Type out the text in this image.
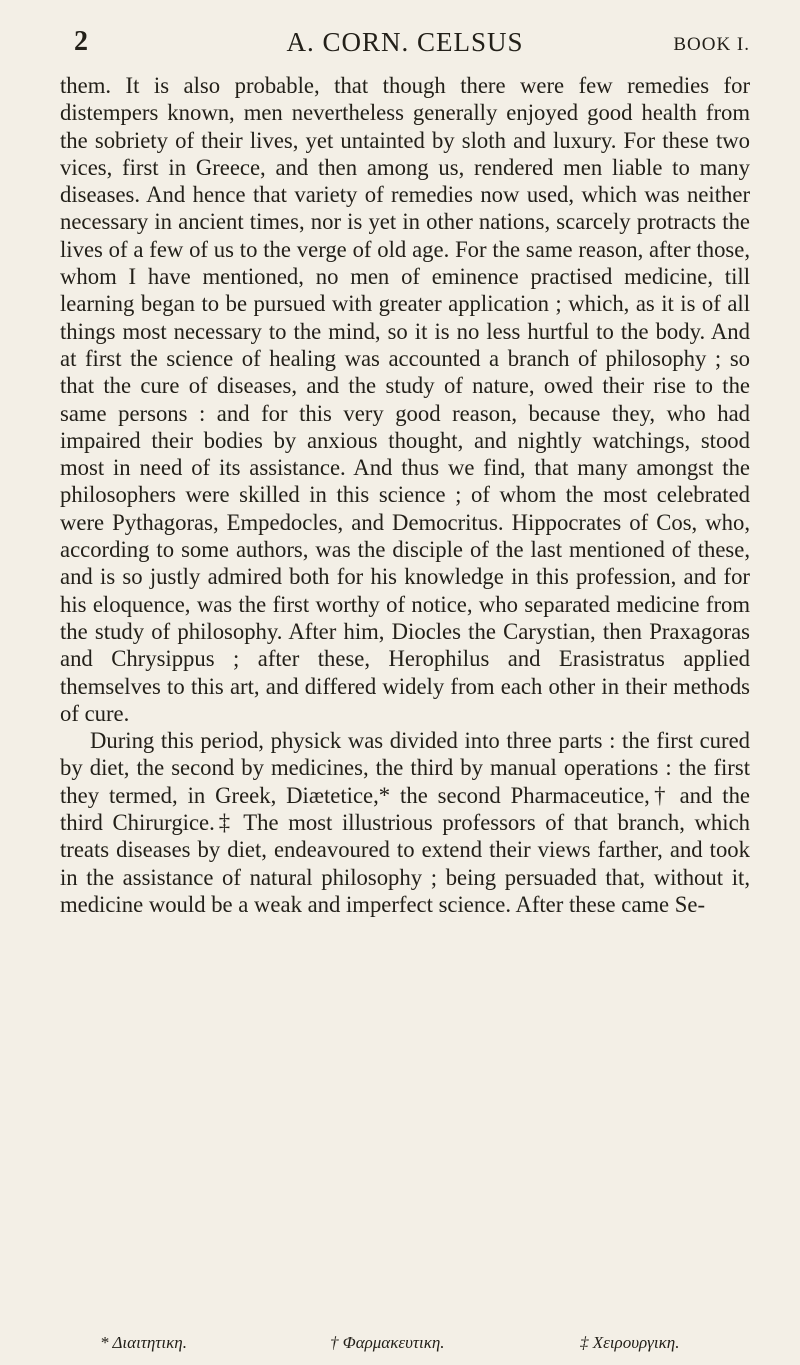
2	A. CORN. CELSUS	BOOK I.

them. It is also probable, that though there were few remedies for distempers known, men nevertheless generally enjoyed good health from the sobriety of their lives, yet untainted by sloth and luxury. For these two vices, first in Greece, and then among us, rendered men liable to many diseases. And hence that variety of remedies now used, which was neither necessary in ancient times, nor is yet in other nations, scarcely protracts the lives of a few of us to the verge of old age. For the same reason, after those, whom I have mentioned, no men of eminence practised medicine, till learning began to be pursued with greater application ; which, as it is of all things most necessary to the mind, so it is no less hurtful to the body. And at first the science of healing was accounted a branch of philosophy ; so that the cure of diseases, and the study of nature, owed their rise to the same persons : and for this very good reason, because they, who had impaired their bodies by anxious thought, and nightly watchings, stood most in need of its assistance. And thus we find, that many amongst the philosophers were skilled in this science ; of whom the most celebrated were Pythagoras, Empedocles, and Democritus. Hippocrates of Cos, who, according to some authors, was the disciple of the last mentioned of these, and is so justly admired both for his knowledge in this profession, and for his eloquence, was the first worthy of notice, who separated medicine from the study of philosophy. After him, Diocles the Carystian, then Praxagoras and Chrysippus ; after these, Herophilus and Erasistratus applied themselves to this art, and differed widely from each other in their methods of cure.

During this period, physick was divided into three parts : the first cured by diet, the second by medicines, the third by manual operations : the first they termed, in Greek, Diætetice,* the second Pharmaceutice,† and the third Chirurgice.‡ The most illustrious professors of that branch, which treats diseases by diet, endeavoured to extend their views farther, and took in the assistance of natural philosophy ; being persuaded that, without it, medicine would be a weak and imperfect science. After these came Se-

* Διαιτητικη.	† Φαρμακευτικη.	‡ Χειρουργικη.
